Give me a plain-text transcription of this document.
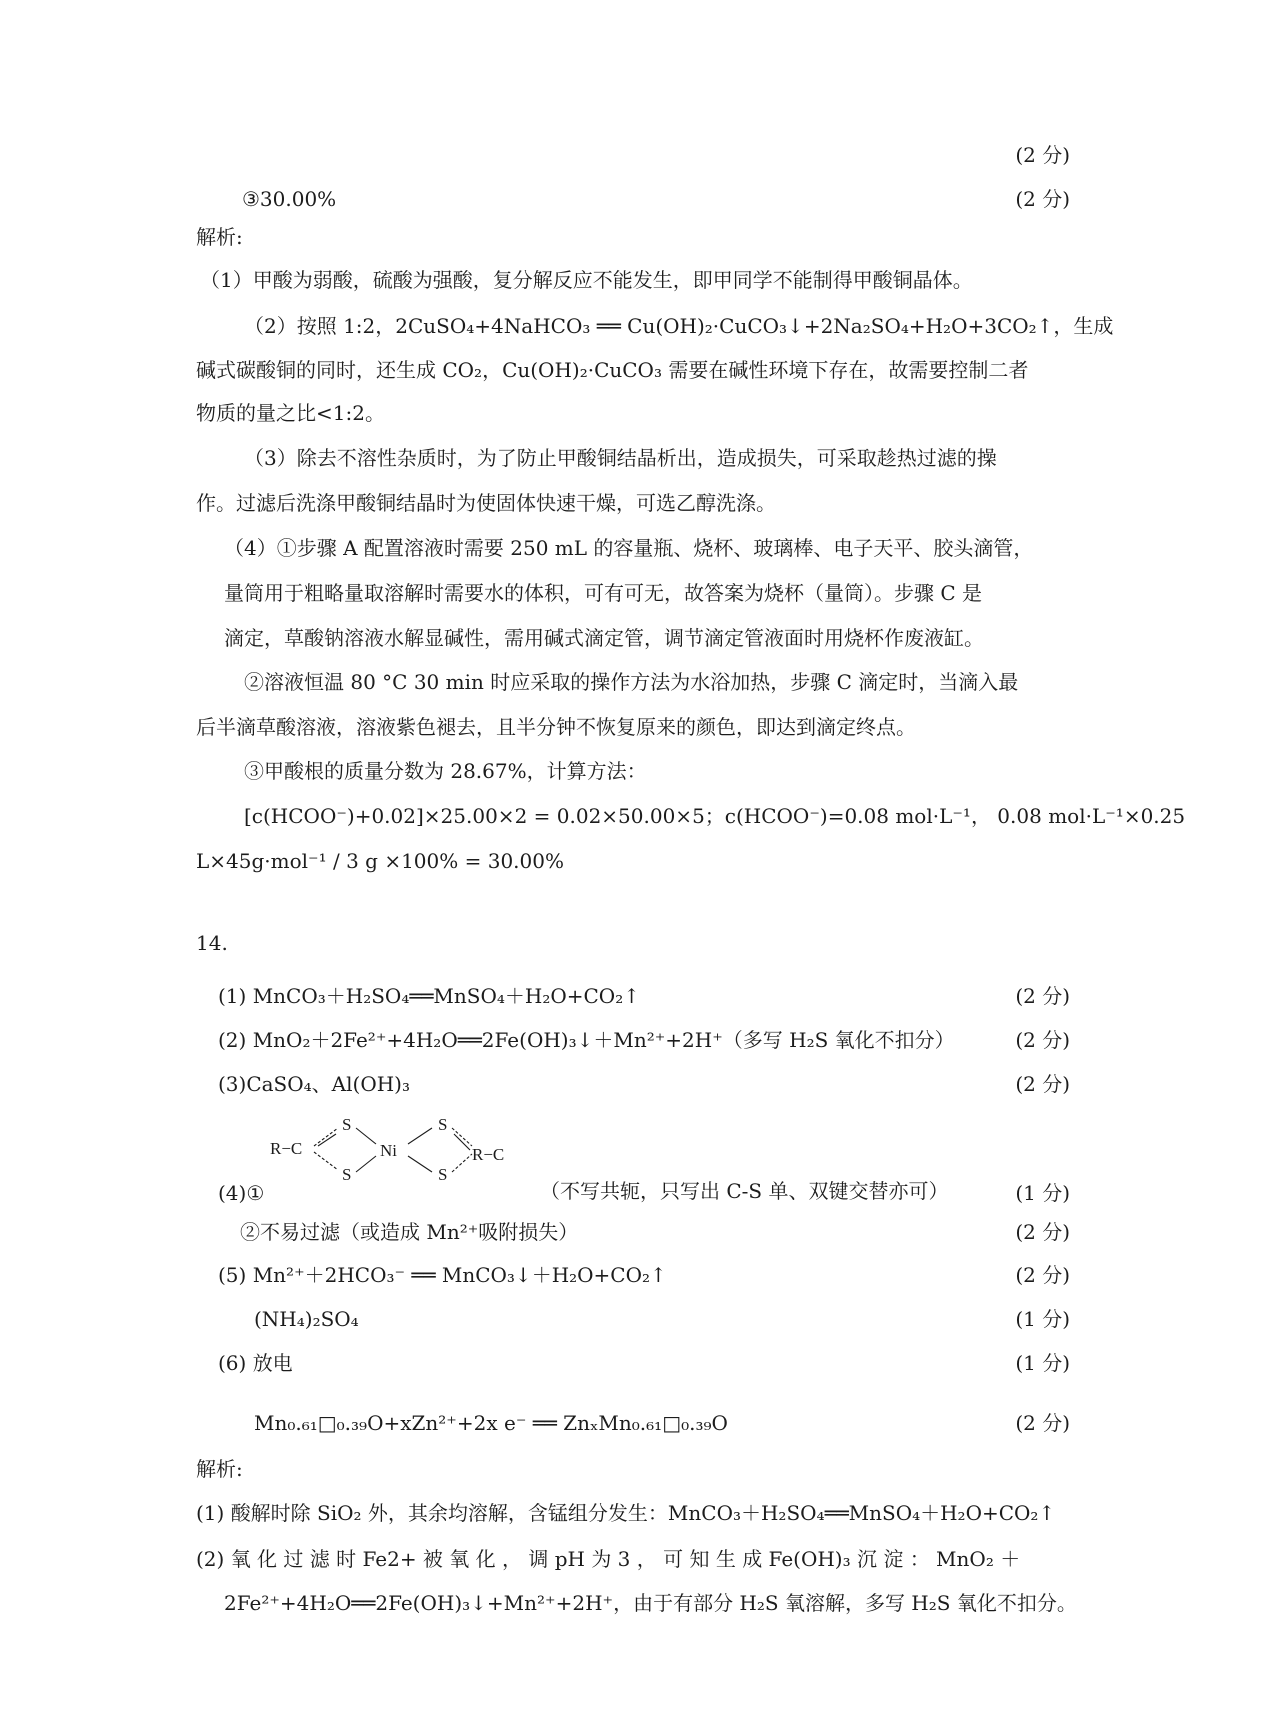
(2 分)
③30.00%	(2 分)
解析:
（1）甲酸为弱酸，硫酸为强酸，复分解反应不能发生，即甲同学不能制得甲酸铜晶体。
（2）按照 1:2，2CuSO₄+4NaHCO₃ ══ Cu(OH)₂·CuCO₃↓+2Na₂SO₄+H₂O+3CO₂↑，生成
碱式碳酸铜的同时，还生成 CO₂，Cu(OH)₂·CuCO₃ 需要在碱性环境下存在，故需要控制二者
物质的量之比<1:2。
（3）除去不溶性杂质时，为了防止甲酸铜结晶析出，造成损失，可采取趁热过滤的操
作。过滤后洗涤甲酸铜结晶时为使固体快速干燥，可选乙醇洗涤。
（4）①步骤 A 配置溶液时需要 250 mL 的容量瓶、烧杯、玻璃棒、电子天平、胶头滴管，
量筒用于粗略量取溶解时需要水的体积，可有可无，故答案为烧杯（量筒）。步骤 C 是
滴定，草酸钠溶液水解显碱性，需用碱式滴定管，调节滴定管液面时用烧杯作废液缸。
②溶液恒温 80 °C 30 min 时应采取的操作方法为水浴加热，步骤 C 滴定时，当滴入最
后半滴草酸溶液，溶液紫色褪去，且半分钟不恢复原来的颜色，即达到滴定终点。
③甲酸根的质量分数为 28.67%，计算方法：
[c(HCOO⁻)+0.02]×25.00×2 = 0.02×50.00×5；c(HCOO⁻)=0.08 mol·L⁻¹， 0.08 mol·L⁻¹×0.25
L×45g·mol⁻¹ / 3 g ×100% = 30.00%
14.
(1) MnCO₃＋H₂SO₄══MnSO₄＋H₂O+CO₂↑	(2 分)
(2) MnO₂＋2Fe²⁺+4H₂O══2Fe(OH)₃↓＋Mn²⁺+2H⁺（多写 H₂S 氧化不扣分）	(2 分)
(3)CaSO₄、Al(OH)₃	(2 分)
R−C
S
S
Ni
S
S
R−C
(4)①	（不写共轭，只写出 C-S 单、双键交替亦可）	(1 分)
②不易过滤（或造成 Mn²⁺吸附损失）	(2 分)
(5) Mn²⁺＋2HCO₃⁻ ══ MnCO₃↓＋H₂O+CO₂↑	(2 分)
(NH₄)₂SO₄	(1 分)
(6) 放电	(1 分)
Mn₀.₆₁□₀.₃₉O+xZn²⁺+2x e⁻ ══ ZnₓMn₀.₆₁□₀.₃₉O	(2 分)
解析:
(1) 酸解时除 SiO₂ 外，其余均溶解，含锰组分发生：MnCO₃＋H₂SO₄══MnSO₄＋H₂O+CO₂↑
(2) 氧 化 过 滤 时 Fe2+ 被 氧 化 ， 调 pH 为 3 ， 可 知 生 成 Fe(OH)₃ 沉 淀 ： MnO₂ ＋
2Fe²⁺+4H₂O══2Fe(OH)₃↓+Mn²⁺+2H⁺，由于有部分 H₂S 氧溶解，多写 H₂S 氧化不扣分。
